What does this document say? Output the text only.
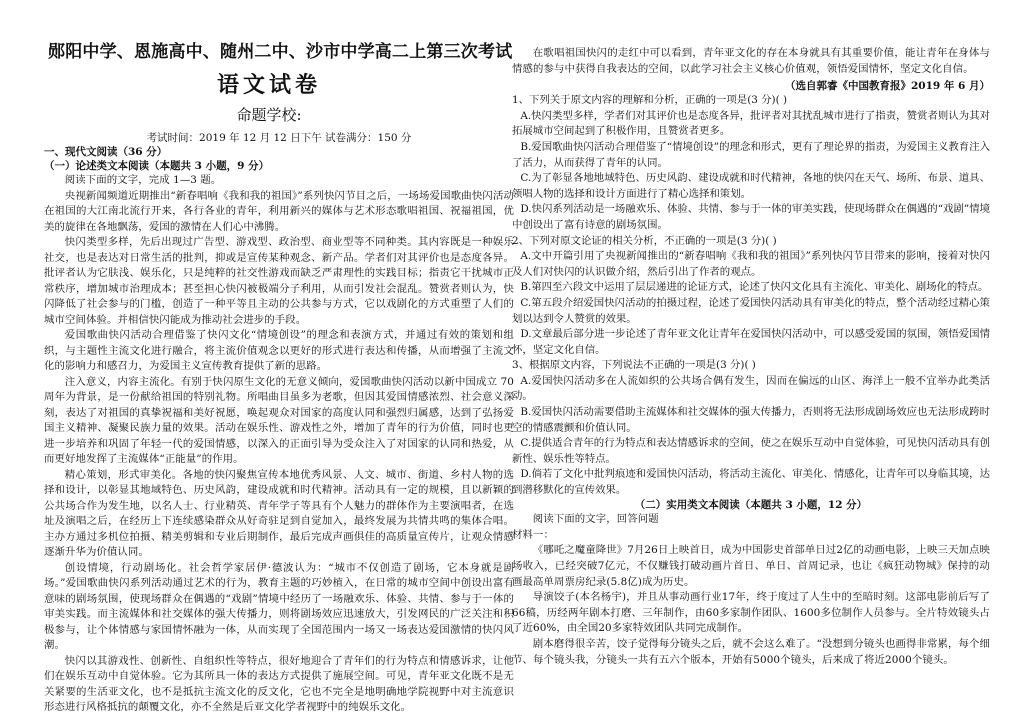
郧阳中学、恩施高中、随州二中、沙市中学高二上第三次考试
语文试卷
命题学校:
考试时间：2019 年 12 月 12 日下午 试卷满分：150 分
一、现代文阅读（36 分）
（一）论述类文本阅读（本题共 3 小题，9 分）

阅读下面的文字，完成 1—3 题。

央视新闻频道近期推出“新春唱响《我和我的祖国》”系列快闪节目之后，一场场爱国歌曲快闪活动在祖国的大江南北流行开来，各行各业的青年，利用新兴的媒体与艺术形态歌唱祖国、祝福祖国，优美的旋律在各地飘荡，爱国的激情在人们心中沸腾。

快闪类型多样，先后出现过广告型、游戏型、政治型、商业型等不同种类。其内容既是一种娱乐社交，也是表达对日常生活的批判，抑或是宣传某种观念、新产品。学者们对其评价也是态度各异。批评者认为它肤浅、娱乐化，只是纯粹的社交性游戏而缺乏严肃理性的实践目标；指责它干扰城市正常秩序，增加城市治理成本；甚至担心快闪被极端分子利用，从而引发社会混乱。赞赏者则认为，快闪降低了社会参与的门槛，创造了一种平等且主动的公共参与方式，它以戏剧化的方式重塑了人们的城市空间体验。并相信快闪能成为推动社会进步的手段。

爱国歌曲快闪活动合理借鉴了快闪文化“情境创设”的理念和表演方式，并通过有效的策划和组织，与主题性主流文化进行融合，将主流价值观念以更好的形式进行表达和传播，从而增强了主流文化的影响力和感召力，为爱国主义宣传教育提供了新的思路。

注入意义，内容主流化。有别于快闪原生文化的无意义倾向，爱国歌曲快闪活动以新中国成立 70 周年为背景，是一份献给祖国的特别礼物。所唱曲目虽多为老歌，但因其爱国情感浓烈、社会意义深刻，表达了对祖国的真挚祝福和美好祝愿，唤起观众对国家的高度认同和强烈归属感，达到了弘扬爱国主义精神、凝聚民族力量的效果。活动在娱乐性、游戏性之外，增加了青年的行为价值，同时也更进一步培养和巩固了年轻一代的爱国情感，以深入的正面引导为受众注入了对国家的认同和热爱，从而更好地发挥了主流媒体“正能量”的作用。

精心策划，形式审美化。各地的快闪聚焦宣传本地优秀风景、人文、城市、街道、乡村人物的选择和设计，以彰显其地域特色、历史风韵，建设成就和时代精神。活动具有一定的规模，且以新颖的公共场合作为发生地，以名人士、行业精英、青年学子等具有个人魅力的群体作为主要演唱者，在选址及演唱之后，在经历上下连续感染群众从好奇驻足到自觉加入，最终发展为共情共鸣的集体合唱。主办方通过多机位拍摄、精美剪辑和专业后期制作，最后完成声画俱佳的高质量宣传片，让观众情感逐渐升华为价值认同。

创设情境，行动剧场化。社会哲学家居伊·德波认为：“城市不仅创造了剧场，它本身就是剧场。”爱国歌曲快闪系列活动通过艺术的行为，教育主题的巧妙植入，在日常的城市空间中创设出富有意味的剧场氛围，使现场群众在偶遇的“戏剧”情境中经历了一场融欢乐、体验、共情、参与于一体的审美实践。而主流媒体和社交媒体的强大传播力，则将剧场效应迅速放大，引发网民的广泛关注和积极参与，让个体情感与家国情怀融为一体，从而实现了全国范围内一场又一场表达爱国激情的快闪风潮。

快闪以其游戏性、创新性、自组织性等特点，很好地迎合了青年们的行为特点和情感诉求，让他们在娱乐互动中自觉体验。它为其所具一体的表达方式提供了施展空间。可见，青年亚文化既不是无关紧要的生活亚文化，也不是抵抗主流文化的反文化，它也不完全是地明确地学院视野中对主流意识形态进行风格抵抗的颠覆文化，亦不全然是后亚文化学者视野中的纯娱乐文化。

在歌唱祖国快闪的走红中可以看到，青年亚文化的存在本身就具有其重要价值，能让青年在身体与情感的参与中获得自我表达的空间，以此学习社会主义核心价值观，领悟爱国情怀，坚定文化自信。

（选自郭睿《中国教育报》2019 年 6 月）

1、下列关于原文内容的理解和分析，正确的一项是(3 分)( )

A.快闪类型多样，学者们对其评价也是态度各异，批评者对其扰乱城市进行了指责，赞赏者则认为其对拓展城市空间起到了积极作用，且赞赏者更多。

B.爱国歌曲快闪活动合理借鉴了“情境创设”的理念和形式，更有了理论界的指责，为爱国主义教育注入了活力，从而获得了青年的认同。

C.为了彰显各地地域特色、历史风韵、建设成就和时代精神，各地的快闪在天气、场所、布景、道具、领唱人物的选择和设计方面进行了精心选择和策划。

D.快闪系列活动是一场融欢乐、体验、共情、参与于一体的审美实践，使现场群众在偶遇的“戏剧”情境中创设出了富有诗意的剧场氛围。

2、下列对原文论证的相关分析，不正确的一项是(3 分)( )

A.文中开篇引用了央视新闻推出的“新春唱响《我和我的祖国》”系列快闪节目带来的影响，接着对快闪及人们对快闪的认识做介绍，然后引出了作者的观点。

B.第四至六段文中运用了层层递进的论证方式，论述了快闪文化具有主流化、审美化、剧场化的特点。

C.第五段介绍爱国快闪活动的拍摄过程，论述了爱国快闪活动具有审美化的特点，整个活动经过精心策划以达到令人赞赏的效果。

D.文章最后部分进一步论述了青年亚文化让青年在爱国快闪活动中，可以感受爱国的氛围，领悟爱国情怀，坚定文化自信。

3、根据原文内容，下列说法不正确的一项是(3 分)( )

A.爱国快闪活动多在人流如织的公共场合偶有发生，因而在偏远的山区、海洋上一般不宜举办此类活动。

B.爱国快闪活动需要借助主流媒体和社交媒体的强大传播力，否则将无法形成剧场效应也无法形成跨时空的情感震颤和价值认同。

C.提供适合青年的行为特点和表达情感诉求的空间，使之在娱乐互动中自觉体验，可见快闪活动具有创新性、娱乐性等特点。

D.倘若了文化中批判痕迹和爱国快闪活动，将活动主流化、审美化、情感化，让青年可以身临其境，达到潜移默化的宣传效果。

（二）实用类文本阅读（本题共 3 小题，12 分）

阅读下面的文字，回答问题

材料一：

《哪吒之魔童降世》7月26日上映首日，成为中国影史首部单日过2亿的动画电影，上映三天加点映场收入，已经突破7亿元，不仅赚钱打破动画片首日、单日、首周记录，也让《疯狂动物城》保持的动画最高单周票房纪录(5.8亿)成为历史。

导演饺子(本名杨宇)，并且从事动画行业17年，终于度过了人生中的至暗时刻。这部电影前后写了66稿，历经两年剧本打磨、三年制作，由60多家制作团队、1600多位制作人员参与。全片特效镜头占了近60%，由全国20多家特效团队共同完成制作。

剧本磨得很辛苦，饺子觉得每分镜头之后，就不会这么难了。“没想到分镜头也画得非常累，每个细节、每个镜头我，分镜头一共有五六个版本，开始有5000个镜头，后来成了将近2000个镜头。
